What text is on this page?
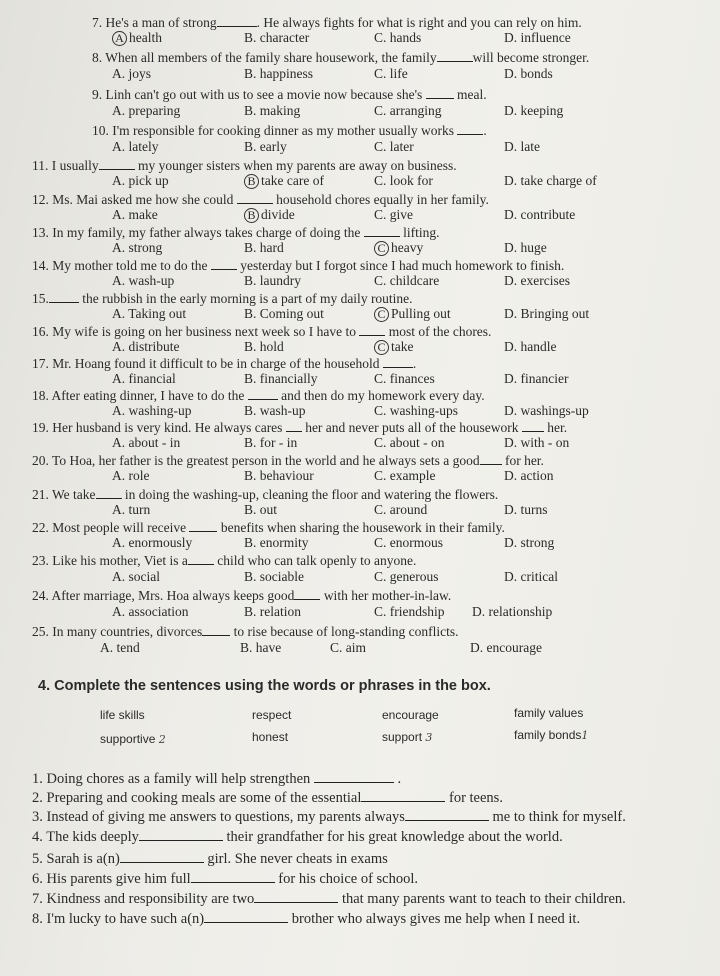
7. He's a man of strong	. He always fights for what is right and you can rely on him.
A health	B. character	C. hands	D. influence
8. When all members of the family share housework, the family	will become stronger.
A. joys	B. happiness	C. life	D. bonds
9. Linh can't go out with us to see a movie now because she's	meal.
A. preparing	B. making	C. arranging	D. keeping
10. I'm responsible for cooking dinner as my mother usually works .
A. lately	B. early	C. later	D. late
11. I usually	my younger sisters when my parents are away on business.
A. pick up	B take care of	C. look for	D. take charge of
12. Ms. Mai asked me how she could	household chores equally in her family.
A. make	B divide	C. give	D. contribute
13. In my family, my father always takes charge of doing the	lifting.
A. strong	B. hard	C heavy	D. huge
14. My mother told me to do the yesterday but I forgot since I had much homework to finish.
A. wash-up	B. laundry	C. childcare	D. exercises
15. the rubbish in the early morning is a part of my daily routine.
A. Taking out	B. Coming out	C Pulling out	D. Bringing out
16. My wife is going on her business next week so I have to most of the chores.
A. distribute	B. hold	C take	D. handle
17. Mr. Hoang found it difficult to be in charge of the household .
A. financial	B. financially	C. finances	D. financier
18. After eating dinner, I have to do the	and then do my homework every day.
A. washing-up	B. wash-up	C. washing-ups	D. washings-up
19. Her husband is very kind. He always cares her and never puts all of the housework her.
A. about - in	B. for - in	C. about - on	D. with - on
20. To Hoa, her father is the greatest person in the world and he always sets a good for her.
A. role	B. behaviour	C. example	D. action
21. We take in doing the washing-up, cleaning the floor and watering the flowers.
A. turn	B. out	C. around	D. turns
22. Most people will receive	benefits when sharing the housework in their family.
A. enormously	B. enormity	C. enormous	D. strong
23. Like his mother, Viet is a child who can talk openly to anyone.
A. social	B. sociable	C. generous	D. critical
24. After marriage, Mrs. Hoa always keeps good with her mother-in-law.
A. association	B. relation	C. friendship D. relationship
25. In many countries, divorces to rise because of long-standing conflicts.
A. tend	B. have	C. aim	D. encourage
4. Complete the sentences using the words or phrases in the box.
life skills	respect	encourage	family values
supportive 2	honest	support 3	family bonds1
1. Doing chores as a family will help strengthen	.
2. Preparing and cooking meals are some of the essential	for teens.
3. Instead of giving me answers to questions, my parents always	me to think for myself.
4. The kids deeply	their grandfather for his great knowledge about the world.
5. Sarah is a(n)	girl. She never cheats in exams
6. His parents give him full	for his choice of school.
7. Kindness and responsibility are two	that many parents want to teach to their children.
8. I'm lucky to have such a(n)	brother who always gives me help when I need it.
